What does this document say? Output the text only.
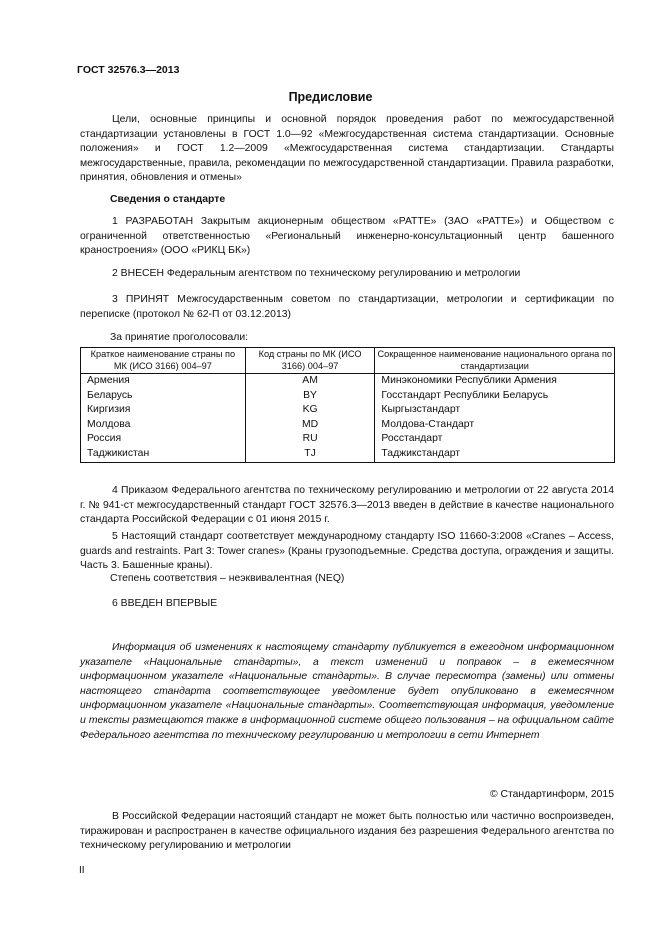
ГОСТ 32576.3—2013
Предисловие

Цели, основные принципы и основной порядок проведения работ по межгосударственной стандартизации установлены в ГОСТ 1.0—92 «Межгосударственная система стандартизации. Основные положения» и ГОСТ 1.2—2009 «Межгосударственная система стандартизации. Стандарты межгосударственные, правила, рекомендации по межгосударственной стандартизации. Правила разработки, принятия, обновления и отмены»

Сведения о стандарте

1 РАЗРАБОТАН Закрытым акционерным обществом «РАТТЕ» (ЗАО «РАТТЕ») и Обществом с ограниченной ответственностью «Региональный инженерно-консультационный центр башенного краностроения» (ООО «РИКЦ БК»)

2 ВНЕСЕН Федеральным агентством по техническому регулированию и метрологии

3 ПРИНЯТ Межгосударственным советом по стандартизации, метрологии и сертификации по переписке (протокол № 62-П от 03.12.2013)

За принятие проголосовали:

Краткое наименование страны по МК (ИСО 3166) 004–97	Код страны по МК (ИСО 3166) 004–97	Сокращенное наименование национального органа по стандартизации
Армения	AM	Минэкономики Республики Армения
Беларусь	BY	Госстандарт Республики Беларусь
Киргизия	KG	Кыргызстандарт
Молдова	MD	Молдова-Стандарт
Россия	RU	Росстандарт
Таджикистан	TJ	Таджикстандарт

4 Приказом Федерального агентства по техническому регулированию и метрологии от 22 августа 2014 г. № 941-ст межгосударственный стандарт ГОСТ 32576.3—2013 введен в действие в качестве национального стандарта Российской Федерации с 01 июня 2015 г.

5 Настоящий стандарт соответствует международному стандарту ISO 11660-3:2008 «Cranes – Access, guards and restraints. Part 3: Tower cranes» (Краны грузоподъемные. Средства доступа, ограждения и защиты. Часть 3. Башенные краны).

Степень соответствия – неэквивалентная (NEQ)

6 ВВЕДЕН ВПЕРВЫЕ

Информация об изменениях к настоящему стандарту публикуется в ежегодном информационном указателе «Национальные стандарты», а текст изменений и поправок – в ежемесячном информационном указателе «Национальные стандарты». В случае пересмотра (замены) или отмены настоящего стандарта соответствующее уведомление будет опубликовано в ежемесячном информационном указателе «Национальные стандарты». Соответствующая информация, уведомление и тексты размещаются также в информационной системе общего пользования – на официальном сайте Федерального агентства по техническому регулированию и метрологии в сети Интернет

© Стандартинформ, 2015

В Российской Федерации настоящий стандарт не может быть полностью или частично воспроизведен, тиражирован и распространен в качестве официального издания без разрешения Федерального агентства по техническому регулированию и метрологии

II
